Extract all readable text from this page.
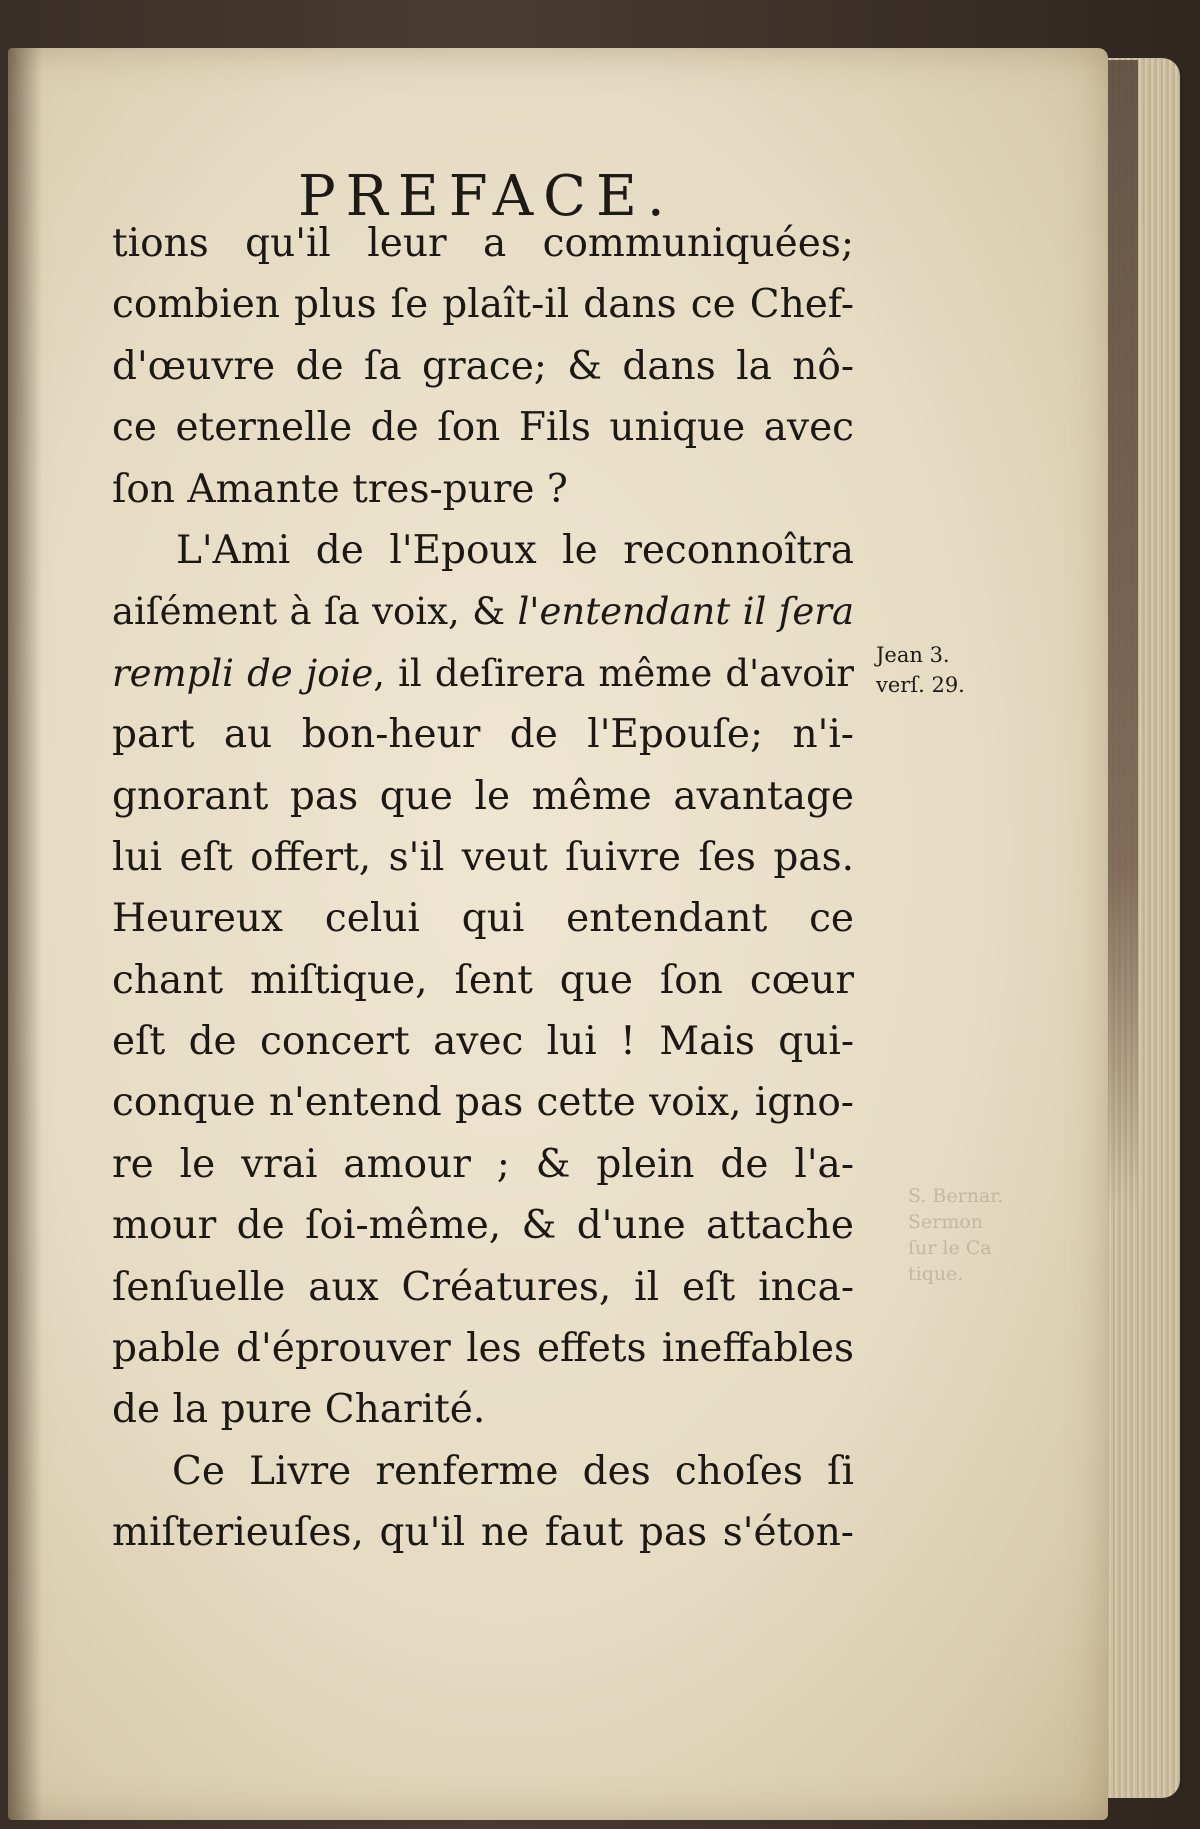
PREFACE.
tions qu'il leur a communiquées;
combien plus ſe plaît-il dans ce Chef-
d'œuvre de ſa grace; & dans la nô-
ce eternelle de ſon Fils unique avec
ſon Amante tres-pure ?
L'Ami de l'Epoux le reconnoîtra
aiſément à ſa voix, & l'entendant il ſera
rempli de joie, il deſirera même d'avoir
part au bon-heur de l'Epouſe; n'i-
gnorant pas que le même avantage
lui eſt offert, s'il veut ſuivre ſes pas.
Heureux celui qui entendant ce
chant miſtique, ſent que ſon cœur
eſt de concert avec lui ! Mais qui-
conque n'entend pas cette voix, igno-
re le vrai amour ; & plein de l'a-
mour de ſoi-même, & d'une attache
ſenſuelle aux Créatures, il eſt inca-
pable d'éprouver les effets ineffables
de la pure Charité.
Ce Livre renferme des choſes ſi
miſterieuſes, qu'il ne faut pas s'éton-
Jean 3.
verſ. 29.
S. Bernar.
Sermon
ſur le Ca
tique.
